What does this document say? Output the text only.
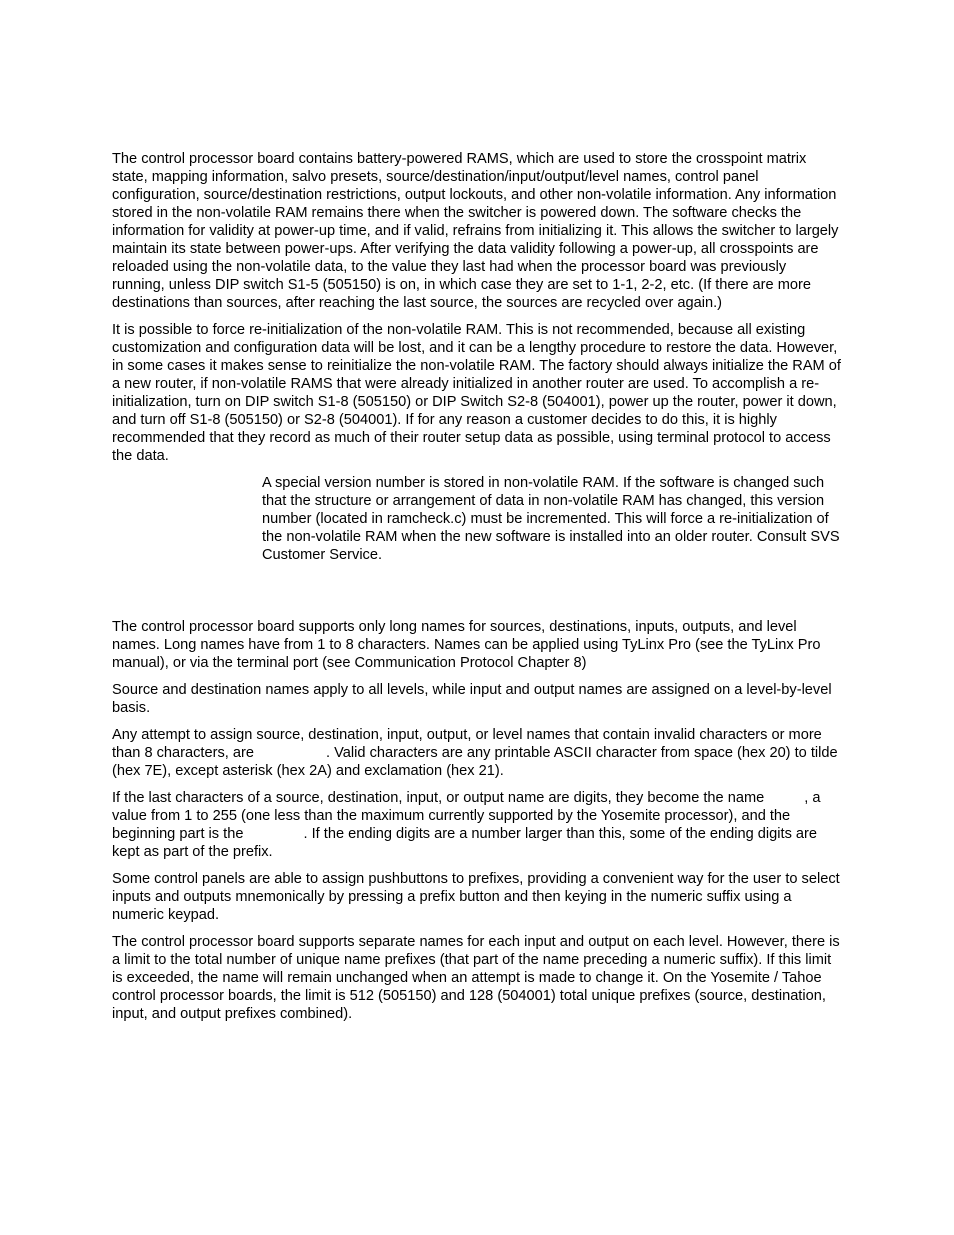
The control processor board contains battery-powered RAMS, which are used to store the crosspoint matrix state, mapping information, salvo presets, source/destination/input/output/level names, control panel configuration, source/destination restrictions, output lockouts, and other non-volatile information. Any information stored in the non-volatile RAM remains there when the switcher is powered down. The software checks the information for validity at power-up time, and if valid, refrains from initializing it. This allows the switcher to largely maintain its state between power-ups. After verifying the data validity following a power-up, all crosspoints are reloaded using the non-volatile data, to the value they last had when the processor board was previously running, unless DIP switch S1-5 (505150) is on, in which case they are set to 1-1, 2-2, etc. (If there are more destinations than sources, after reaching the last source, the sources are recycled over again.)

It is possible to force re-initialization of the non-volatile RAM. This is not recommended, because all existing customization and configuration data will be lost, and it can be a lengthy procedure to restore the data. However, in some cases it makes sense to reinitialize the non-volatile RAM. The factory should always initialize the RAM of a new router, if non-volatile RAMS that were already initialized in another router are used. To accomplish a re-initialization, turn on DIP switch S1-8 (505150) or DIP Switch S2-8 (504001), power up the router, power it down, and turn off S1-8 (505150) or S2-8 (504001). If for any reason a customer decides to do this, it is highly recommended that they record as much of their router setup data as possible, using terminal protocol to access the data.

A special version number is stored in non-volatile RAM. If the software is changed such that the structure or arrangement of data in non-volatile RAM has changed, this version number (located in ramcheck.c) must be incremented. This will force a re-initialization of the non-volatile RAM when the new software is installed into an older router. Consult SVS Customer Service.

The control processor board supports only long names for sources, destinations, inputs, outputs, and level names. Long names have from 1 to 8 characters. Names can be applied using TyLinx Pro (see the TyLinx Pro manual), or via the terminal port (see Communication Protocol Chapter 8)

Source and destination names apply to all levels, while input and output names are assigned on a level-by-level basis.

Any attempt to assign source, destination, input, output, or level names that contain invalid characters or more than 8 characters, are	. Valid characters are any printable ASCII character from space (hex 20) to tilde (hex 7E), except asterisk (hex 2A) and exclamation (hex 21).

If the last characters of a source, destination, input, or output name are digits, they become the name , a value from 1 to 255 (one less than the maximum currently supported by the Yosemite processor), and the beginning part is the	. If the ending digits are a number larger than this, some of the ending digits are kept as part of the prefix.

Some control panels are able to assign pushbuttons to prefixes, providing a convenient way for the user to select inputs and outputs mnemonically by pressing a prefix button and then keying in the numeric suffix using a numeric keypad.

The control processor board supports separate names for each input and output on each level. However, there is a limit to the total number of unique name prefixes (that part of the name preceding a numeric suffix). If this limit is exceeded, the name will remain unchanged when an attempt is made to change it. On the Yosemite / Tahoe control processor boards, the limit is 512 (505150) and 128 (504001) total unique prefixes (source, destination, input, and output prefixes combined).
